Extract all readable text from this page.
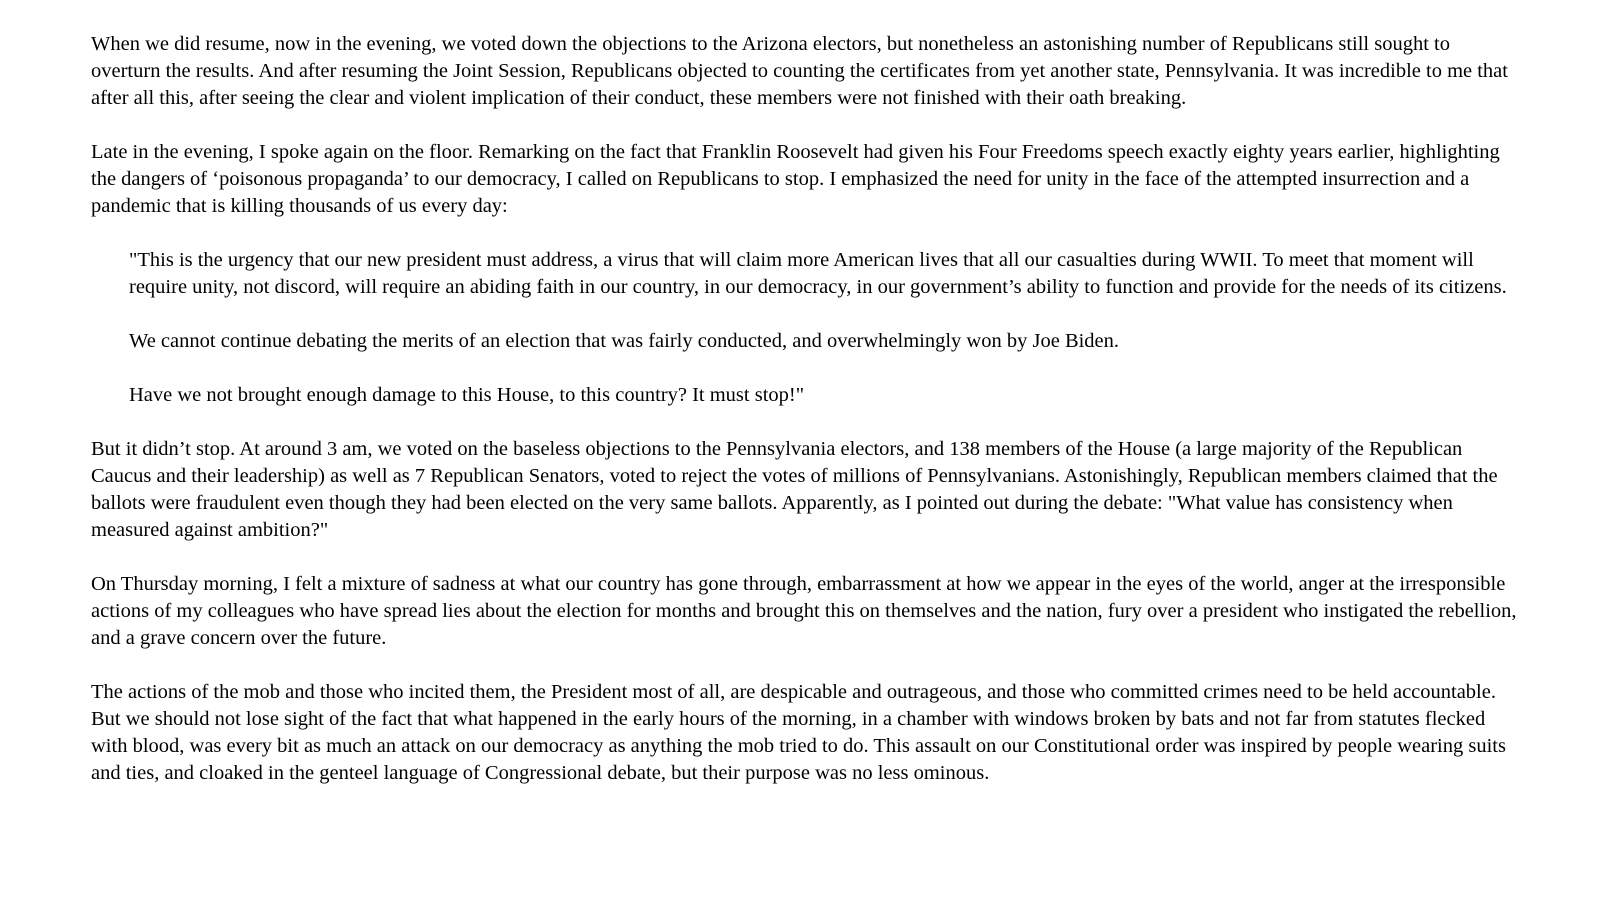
When we did resume, now in the evening, we voted down the objections to the Arizona electors, but nonetheless an astonishing number of Republicans still sought to overturn the results. And after resuming the Joint Session, Republicans objected to counting the certificates from yet another state, Pennsylvania. It was incredible to me that after all this, after seeing the clear and violent implication of their conduct, these members were not finished with their oath breaking.

Late in the evening, I spoke again on the floor. Remarking on the fact that Franklin Roosevelt had given his Four Freedoms speech exactly eighty years earlier, highlighting the dangers of ‘poisonous propaganda’ to our democracy, I called on Republicans to stop. I emphasized the need for unity in the face of the attempted insurrection and a pandemic that is killing thousands of us every day:

"This is the urgency that our new president must address, a virus that will claim more American lives that all our casualties during WWII. To meet that moment will require unity, not discord, will require an abiding faith in our country, in our democracy, in our government’s ability to function and provide for the needs of its citizens.

We cannot continue debating the merits of an election that was fairly conducted, and overwhelmingly won by Joe Biden.

Have we not brought enough damage to this House, to this country? It must stop!"

But it didn’t stop. At around 3 am, we voted on the baseless objections to the Pennsylvania electors, and 138 members of the House (a large majority of the Republican Caucus and their leadership) as well as 7 Republican Senators, voted to reject the votes of millions of Pennsylvanians. Astonishingly, Republican members claimed that the ballots were fraudulent even though they had been elected on the very same ballots. Apparently, as I pointed out during the debate: "What value has consistency when measured against ambition?"

On Thursday morning, I felt a mixture of sadness at what our country has gone through, embarrassment at how we appear in the eyes of the world, anger at the irresponsible actions of my colleagues who have spread lies about the election for months and brought this on themselves and the nation, fury over a president who instigated the rebellion, and a grave concern over the future.

The actions of the mob and those who incited them, the President most of all, are despicable and outrageous, and those who committed crimes need to be held accountable. But we should not lose sight of the fact that what happened in the early hours of the morning, in a chamber with windows broken by bats and not far from statutes flecked with blood, was every bit as much an attack on our democracy as anything the mob tried to do. This assault on our Constitutional order was inspired by people wearing suits and ties, and cloaked in the genteel language of Congressional debate, but their purpose was no less ominous.
